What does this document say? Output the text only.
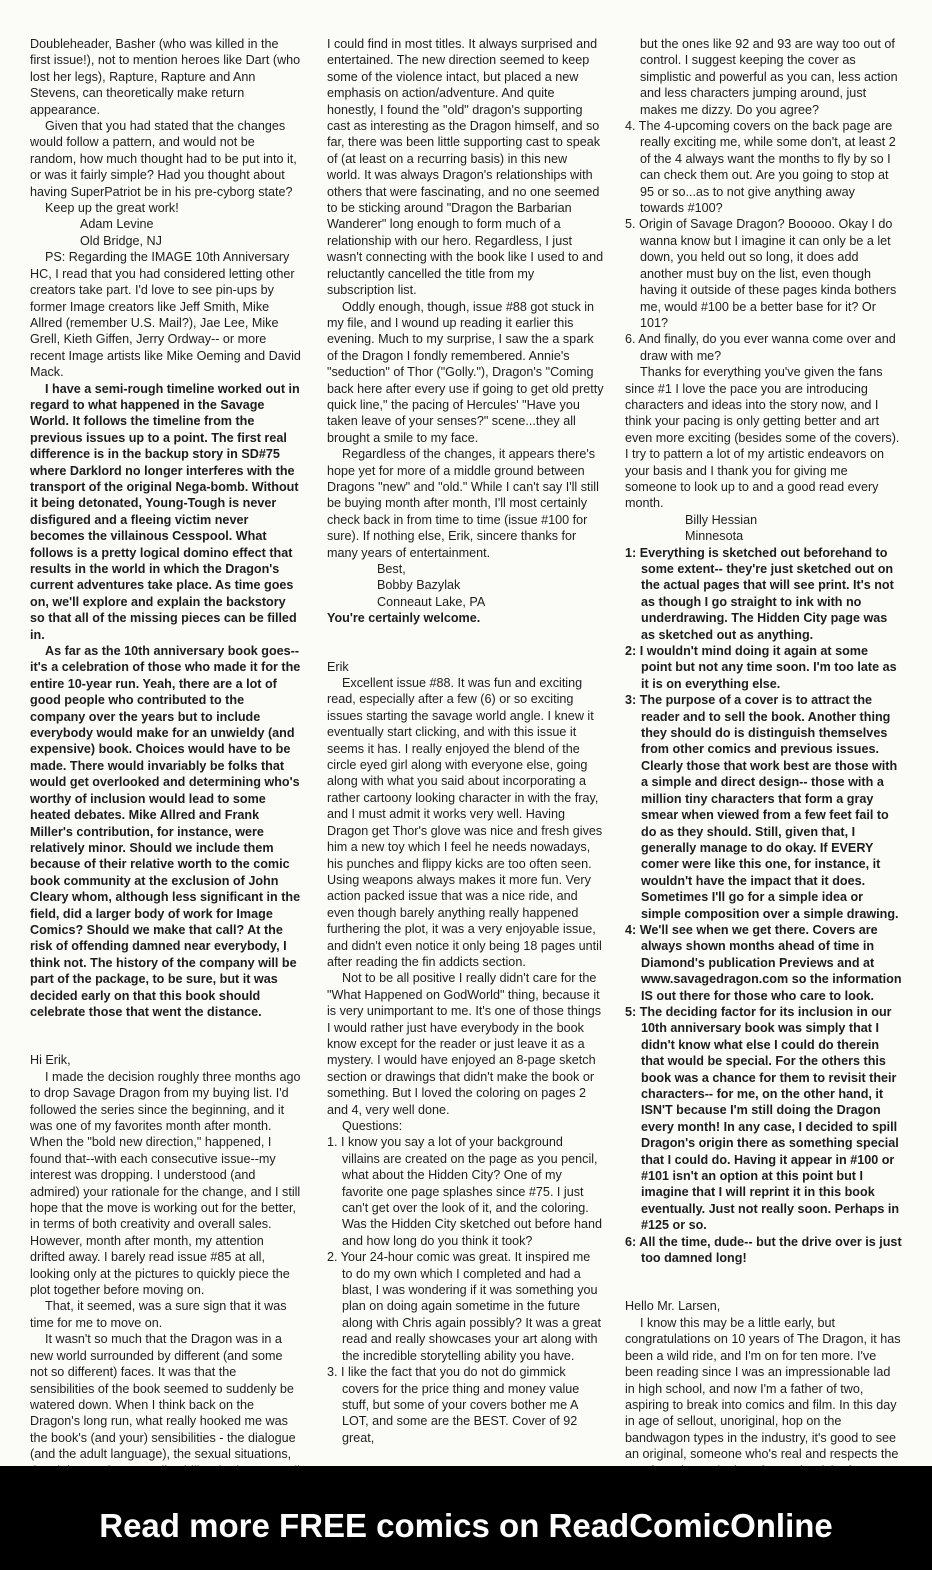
Doubleheader, Basher (who was killed in the first issue!), not to mention heroes like Dart (who lost her legs), Rapture, Rapture and Ann Stevens, can theoretically make return appearance.

Given that you had stated that the changes would follow a pattern, and would not be random, how much thought had to be put into it, or was it fairly simple? Had you thought about having SuperPatriot be in his pre-cyborg state?

Keep up the great work!

Adam Levine

Old Bridge, NJ

PS: Regarding the IMAGE 10th Anniversary HC, I read that you had considered letting other creators take part. I'd love to see pin-ups by former Image creators like Jeff Smith, Mike Allred (remember U.S. Mail?), Jae Lee, Mike Grell, Kieth Giffen, Jerry Ordway-- or more recent Image artists like Mike Oeming and David Mack.

I have a semi-rough timeline worked out in regard to what happened in the Savage World. It follows the timeline from the previous issues up to a point. The first real difference is in the backup story in SD#75 where Darklord no longer interferes with the transport of the original Nega-bomb. Without it being detonated, Young-Tough is never disfigured and a fleeing victim never becomes the villainous Cesspool. What follows is a pretty logical domino effect that results in the world in which the Dragon's current adventures take place. As time goes on, we'll explore and explain the backstory so that all of the missing pieces can be filled in.

As far as the 10th anniversary book goes-- it's a celebration of those who made it for the entire 10-year run. Yeah, there are a lot of good people who contributed to the company over the years but to include everybody would make for an unwieldy (and expensive) book. Choices would have to be made. There would invariably be folks that would get overlooked and determining who's worthy of inclusion would lead to some heated debates. Mike Allred and Frank Miller's contribution, for instance, were relatively minor. Should we include them because of their relative worth to the comic book community at the exclusion of John Cleary whom, although less significant in the field, did a larger body of work for Image Comics? Should we make that call? At the risk of offending damned near everybody, I think not. The history of the company will be part of the package, to be sure, but it was decided early on that this book should celebrate those that went the distance.

Hi Erik,

I made the decision roughly three months ago to drop Savage Dragon from my buying list. I'd followed the series since the beginning, and it was one of my favorites month after month. When the "bold new direction," happened, I found that--with each consecutive issue--my interest was dropping. I understood (and admired) your rationale for the change, and I still hope that the move is working out for the better, in terms of both creativity and overall sales. However, month after month, my attention drifted away. I barely read issue #85 at all, looking only at the pictures to quickly piece the plot together before moving on.

That, it seemed, was a sure sign that it was time for me to move on.

It wasn't so much that the Dragon was in a new world surrounded by different (and some not so different) faces. It was that the sensibilities of the book seemed to suddenly be watered down. When I think back on the Dragon's long run, what really hooked me was the book's (and your) sensibilities - the dialogue (and the adult language), the sexual situations,

I could find in most titles. It always surprised and entertained. The new direction seemed to keep some of the violence intact, but placed a new emphasis on action/adventure. And quite honestly, I found the "old" dragon's supporting cast as interesting as the Dragon himself, and so far, there was been little supporting cast to speak of (at least on a recurring basis) in this new world. It was always Dragon's relationships with others that were fascinating, and no one seemed to be sticking around "Dragon the Barbarian Wanderer" long enough to form much of a relationship with our hero. Regardless, I just wasn't connecting with the book like I used to and reluctantly cancelled the title from my subscription list.

Oddly enough, though, issue #88 got stuck in my file, and I wound up reading it earlier this evening. Much to my surprise, I saw the a spark of the Dragon I fondly remembered. Annie's "seduction" of Thor ("Golly."), Dragon's "Coming back here after every use if going to get old pretty quick line," the pacing of Hercules' "Have you taken leave of your senses?" scene...they all brought a smile to my face.

Regardless of the changes, it appears there's hope yet for more of a middle ground between Dragons "new" and "old." While I can't say I'll still be buying month after month, I'll most certainly check back in from time to time (issue #100 for sure). If nothing else, Erik, sincere thanks for many years of entertainment.

Best,

Bobby Bazylak

Conneaut Lake, PA

You're certainly welcome.

Erik

Excellent issue #88. It was fun and exciting read, especially after a few (6) or so exciting issues starting the savage world angle. I knew it eventually start clicking, and with this issue it seems it has. I really enjoyed the blend of the circle eyed girl along with everyone else, going along with what you said about incorporating a rather cartoony looking character in with the fray, and I must admit it works very well. Having Dragon get Thor's glove was nice and fresh gives him a new toy which I feel he needs nowadays, his punches and flippy kicks are too often seen. Using weapons always makes it more fun. Very action packed issue that was a nice ride, and even though barely anything really happened furthering the plot, it was a very enjoyable issue, and didn't even notice it only being 18 pages until after reading the fin addicts section.

Not to be all positive I really didn't care for the "What Happened on GodWorld" thing, because it is very unimportant to me. It's one of those things I would rather just have everybody in the book know except for the reader or just leave it as a mystery. I would have enjoyed an 8-page sketch section or drawings that didn't make the book or something. But I loved the coloring on pages 2 and 4, very well done.

Questions:

1. I know you say a lot of your background villains are created on the page as you pencil, what about the Hidden City? One of my favorite one page splashes since #75. I just can't get over the look of it, and the coloring. Was the Hidden City sketched out before hand and how long do you think it took?

2. Your 24-hour comic was great. It inspired me to do my own which I completed and had a blast, I was wondering if it was something you plan on doing again sometime in the future along with Chris again possibly? It was a great read and really showcases your art along with the incredible storytelling ability you have.

3. I like the fact that you do not do gimmick covers for the price thing and money value stuff, but some of your covers bother me A LOT, and some are the BEST. Cover of 92 great,

but the ones like 92 and 93 are way too out of control. I suggest keeping the cover as simplistic and powerful as you can, less action and less characters jumping around, just makes me dizzy. Do you agree?

4. The 4-upcoming covers on the back page are really exciting me, while some don't, at least 2 of the 4 always want the months to fly by so I can check them out. Are you going to stop at 95 or so...as to not give anything away towards #100?

5. Origin of Savage Dragon? Booooo. Okay I do wanna know but I imagine it can only be a let down, you held out so long, it does add another must buy on the list, even though having it outside of these pages kinda bothers me, would #100 be a better base for it? Or 101?

6. And finally, do you ever wanna come over and draw with me?

Thanks for everything you've given the fans since #1 I love the pace you are introducing characters and ideas into the story now, and I think your pacing is only getting better and art even more exciting (besides some of the covers). I try to pattern a lot of my artistic endeavors on your basis and I thank you for giving me someone to look up to and a good read every month.

Billy Hessian

Minnesota

1: Everything is sketched out beforehand to some extent-- they're just sketched out on the actual pages that will see print. It's not as though I go straight to ink with no underdrawing. The Hidden City page was as sketched out as anything.

2: I wouldn't mind doing it again at some point but not any time soon. I'm too late as it is on everything else.

3: The purpose of a cover is to attract the reader and to sell the book. Another thing they should do is distinguish themselves from other comics and previous issues. Clearly those that work best are those with a simple and direct design-- those with a million tiny characters that form a gray smear when viewed from a few feet fail to do as they should. Still, given that, I generally manage to do okay. If EVERY comer were like this one, for instance, it wouldn't have the impact that it does. Sometimes I'll go for a simple idea or simple composition over a simple drawing.

4: We'll see when we get there. Covers are always shown months ahead of time in Diamond's publication Previews and at www.savagedragon.com so the information IS out there for those who care to look.

5: The deciding factor for its inclusion in our 10th anniversary book was simply that I didn't know what else I could do therein that would be special. For the others this book was a chance for them to revisit their characters-- for me, on the other hand, it ISN'T because I'm still doing the Dragon every month! In any case, I decided to spill Dragon's origin there as something special that I could do. Having it appear in #100 or #101 isn't an option at this point but I imagine that I will reprint it in this book eventually. Just not really soon. Perhaps in #125 or so.

6: All the time, dude-- but the drive over is just too damned long!

Hello Mr. Larsen,

I know this may be a little early, but congratulations on 10 years of The Dragon, it has been a wild ride, and I'm on for ten more. I've been reading since I was an impressionable lad in high school, and now I'm a father of two, aspiring to break into comics and film. In this day in age of sellout, unoriginal, hop on the bandwagon types in the industry, it's good to see an original, someone who's real and respects the

Read more FREE comics on ReadComicOnline
